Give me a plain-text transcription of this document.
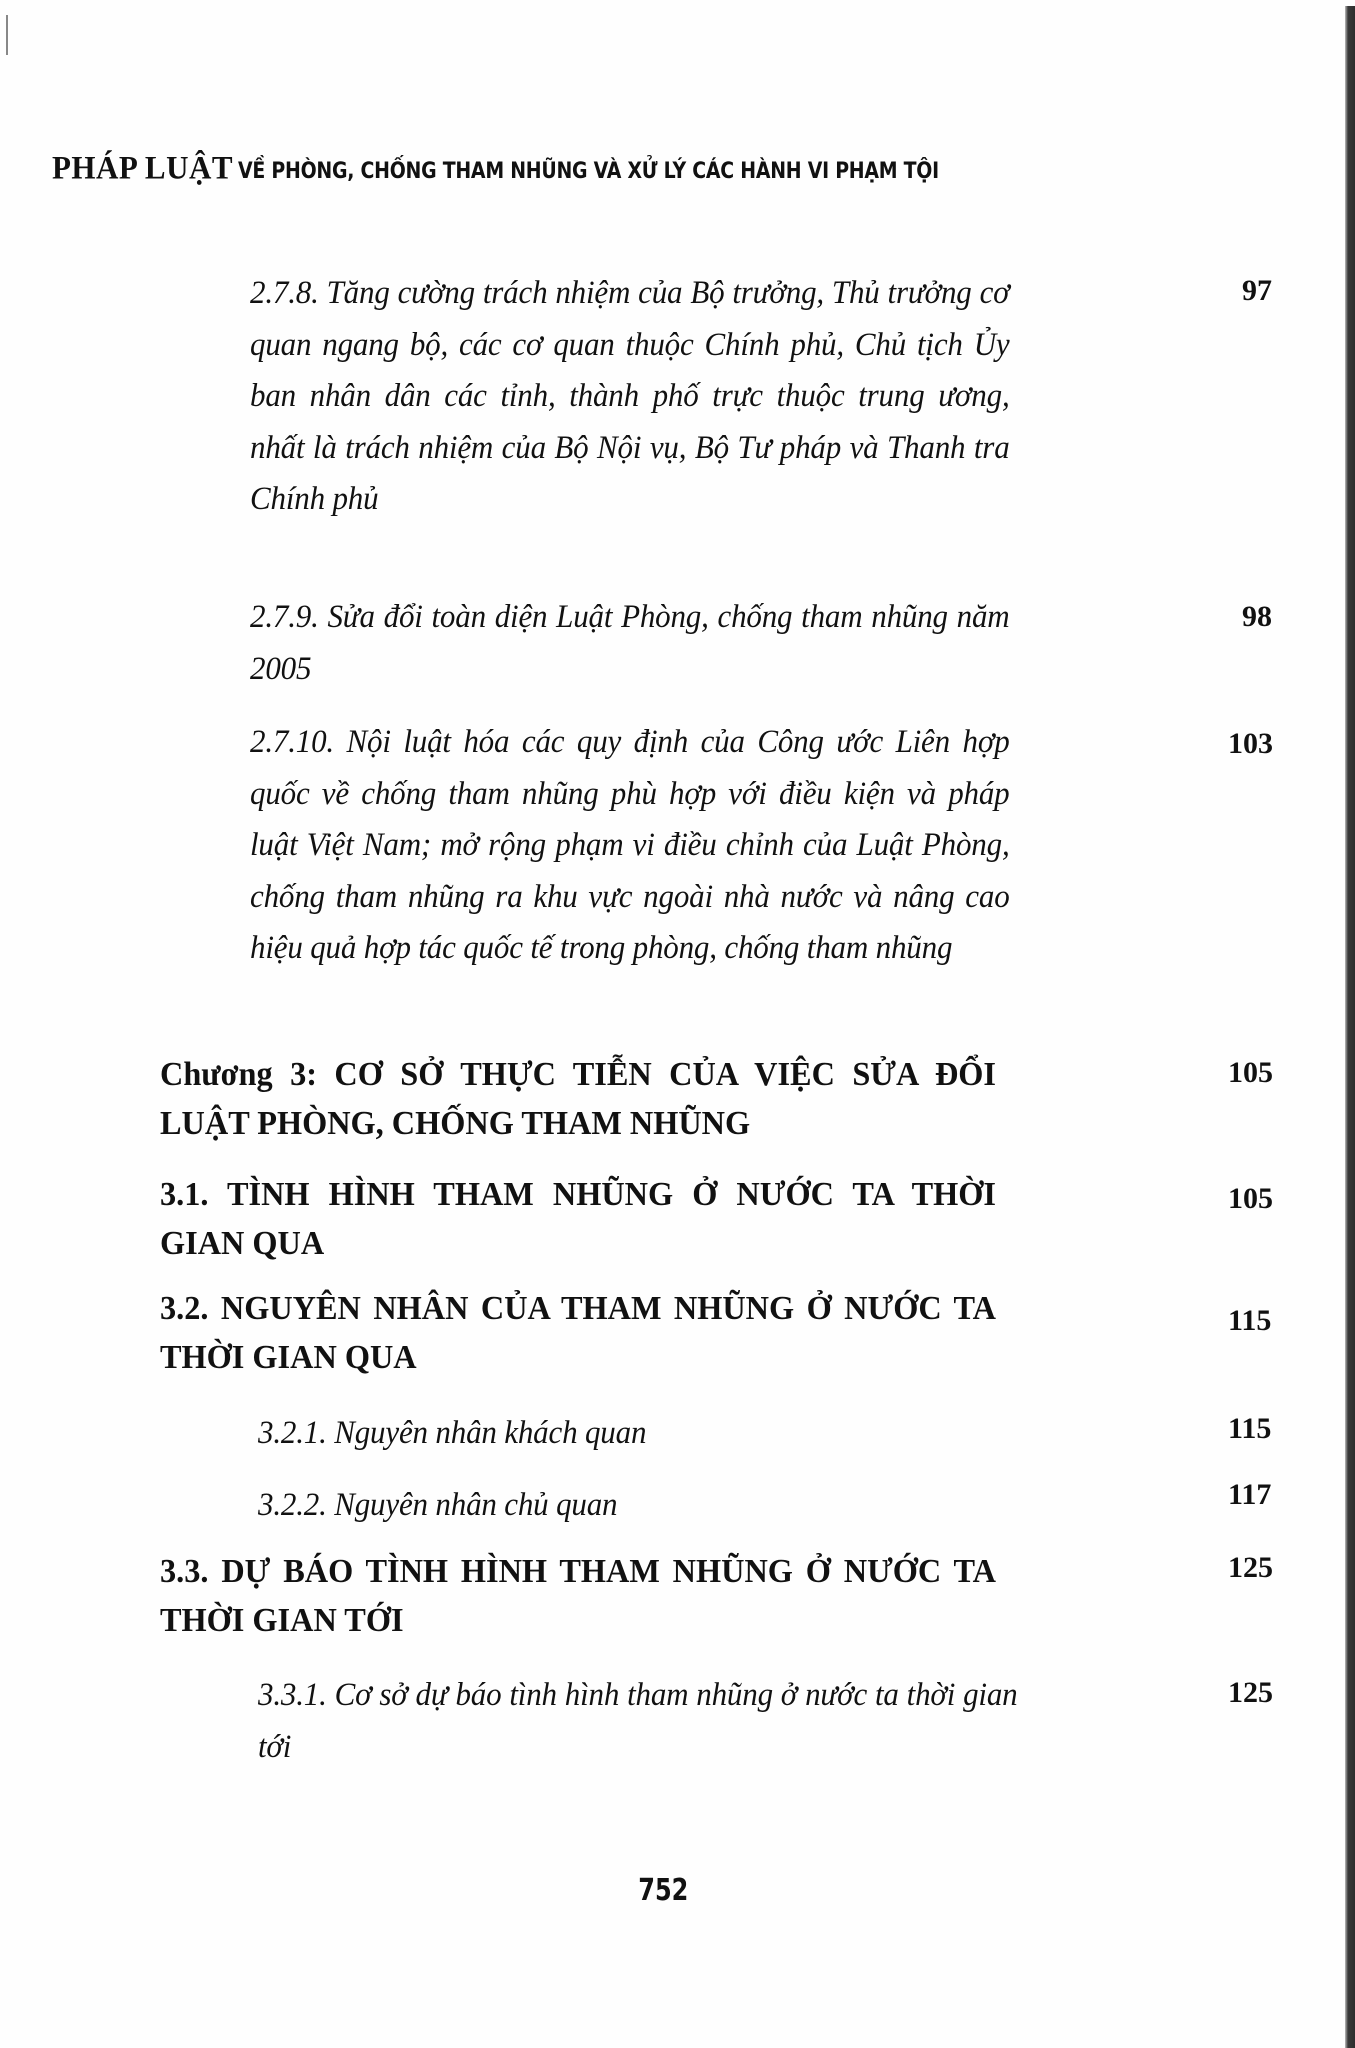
PHÁP LUẬT VỀ PHÒNG, CHỐNG THAM NHŨNG VÀ XỬ LÝ CÁC HÀNH VI PHẠM TỘI
2.7.8. Tăng cường trách nhiệm của Bộ trưởng, Thủ trưởng cơ quan ngang bộ, các cơ quan thuộc Chính phủ, Chủ tịch Ủy ban nhân dân các tỉnh, thành phố trực thuộc trung ương, nhất là trách nhiệm của Bộ Nội vụ, Bộ Tư pháp và Thanh tra Chính phủ
97
2.7.9. Sửa đổi toàn diện Luật Phòng, chống tham nhũng năm 2005
98
2.7.10. Nội luật hóa các quy định của Công ước Liên hợp quốc về chống tham nhũng phù hợp với điều kiện và pháp luật Việt Nam; mở rộng phạm vi điều chỉnh của Luật Phòng, chống tham nhũng ra khu vực ngoài nhà nước và nâng cao hiệu quả hợp tác quốc tế trong phòng, chống tham nhũng
103
Chương 3: CƠ SỞ THỰC TIỄN CỦA VIỆC SỬA ĐỔI LUẬT PHÒNG, CHỐNG THAM NHŨNG
105
3.1. TÌNH HÌNH THAM NHŨNG Ở NƯỚC TA THỜI GIAN QUA
105
3.2. NGUYÊN NHÂN CỦA THAM NHŨNG Ở NƯỚC TA THỜI GIAN QUA
115
3.2.1. Nguyên nhân khách quan	115
3.2.2. Nguyên nhân chủ quan	117
3.3. DỰ BÁO TÌNH HÌNH THAM NHŨNG Ở NƯỚC TA THỜI GIAN TỚI
125
3.3.1. Cơ sở dự báo tình hình tham nhũng ở nước ta thời gian tới
125
752
